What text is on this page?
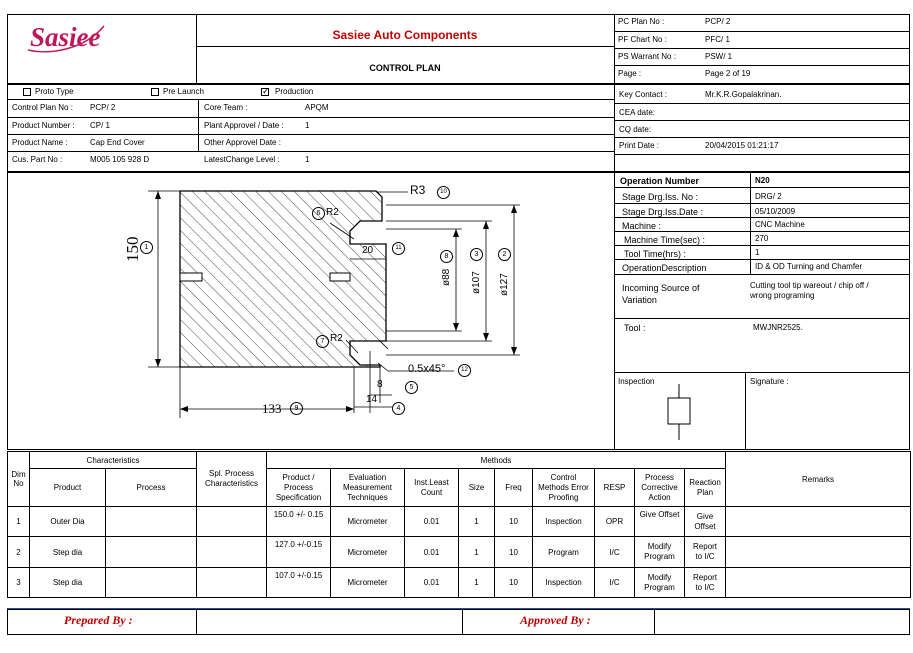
Sasiee	Sasiee Auto Components
CONTROL PLAN
PC Plan No :	PCP/ 2
PF Chart No :	PFC/ 1
PS Warrant No :	PSW/ 1
Page :	Page 2 of 19
Proto Type	Pre Launch ✓	Production
Control Plan No : PCP/ 2
Product Number : CP/ 1
Product Name :	Cap End Cover
Cus. Part No :	M005 105 928 D
Core Team :	APQM
Plant Approvel / Date :	1
Other Approvel Date :
LatestChange Level :	1
Key Contact :	Mr.K.R.Gopalakrinan.
CEA date:
CQ date:
Print Date :	20/04/2015 01:21:17
Operation Number	N20
Stage Drg.Iss. No :	DRG/ 2
Stage Drg.Iss.Date :	05/10/2009
Machine :	CNC Machine
Machine Time(sec) :	270
Tool Time(hrs) :	1
OperationDescription	ID & OD Turning and Chamfer
Incoming Source of
Variation
Cutting tool tip wareout / chip off /
wrong programing
Tool :	MWJNR2525.
Inspection	Signature :
150
133
ø127
ø107
ø88
R3
R2
20
R2
8
14
0.5x45°
1
2
3
4
5
6
7
8
9
10
11
12
Dim No	Characteristics		Spl. Process
Characteristics	Methods									Remarks
	Product	Process		Product /
Process
Specification	Evaluation
Measurement
Techniques	Inst.Least
Count	Size	Freq	Control
Methods Error
Proofing	RESP	Process
Corrective
Action	Reaction
Plan	
1	Outer Dia			150.0 +/- 0.15	Micrometer	0.01	1	10	Inspection	OPR	Give Offset	Give
Offset	
2	Step dia			127.0 +/-0.15	Micrometer	0.01	1	10	Program	I/C	Modify
Program	Report
to I/C	
3	Step dia			107.0 +/-0.15	Micrometer	0.01	1	10	Inspection	I/C	Modify
Program	Report
to I/C	
Prepared By :	Approved By :
